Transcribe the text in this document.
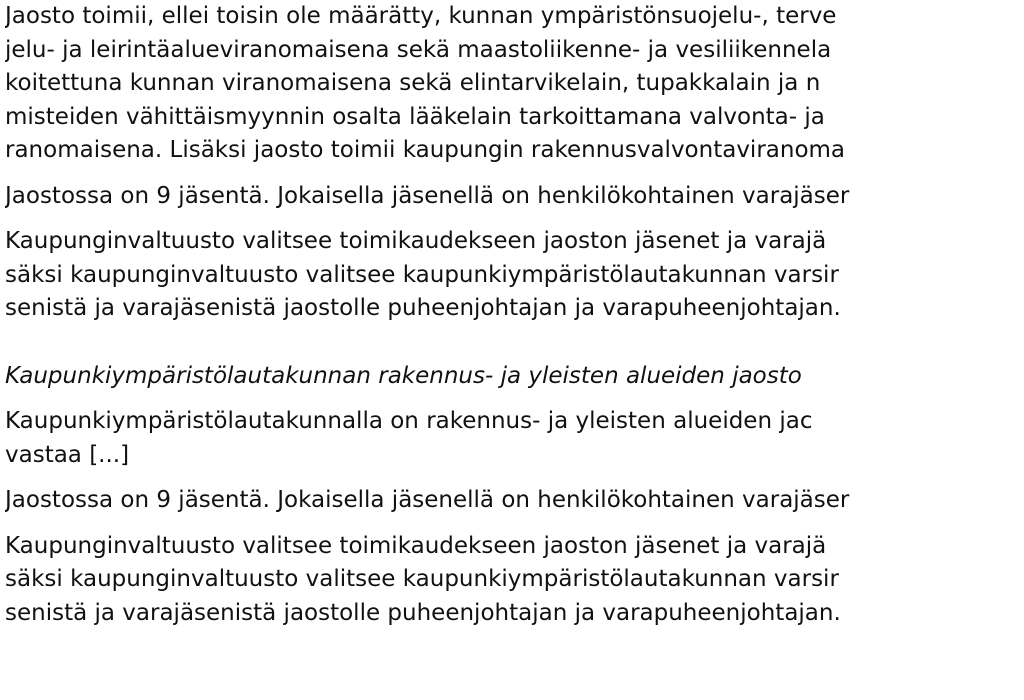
Jaosto toimii, ellei toisin ole määrätty, kunnan ympäristönsuojelu-, terve
jelu- ja leirintäalueviranomaisena sekä maastoliikenne- ja vesiliikennela
koitettuna kunnan viranomaisena sekä elintarvikelain, tupakkalain ja n
misteiden vähittäismyynnin osalta lääkelain tarkoittamana valvonta- ja
ranomaisena. Lisäksi jaosto toimii kaupungin rakennusvalvontaviranoma
Jaostossa on 9 jäsentä. Jokaisella jäsenellä on henkilökohtainen varajäser
Kaupunginvaltuusto valitsee toimikaudekseen jaoston jäsenet ja varajä
säksi kaupunginvaltuusto valitsee kaupunkiympäristölautakunnan varsir
senistä ja varajäsenistä jaostolle puheenjohtajan ja varapuheenjohtajan.
Kaupunkiympäristölautakunnan rakennus- ja yleisten alueiden jaosto
Kaupunkiympäristölautakunnalla on rakennus- ja yleisten alueiden jac
vastaa [...]
Jaostossa on 9 jäsentä. Jokaisella jäsenellä on henkilökohtainen varajäser
Kaupunginvaltuusto valitsee toimikaudekseen jaoston jäsenet ja varajä
säksi kaupunginvaltuusto valitsee kaupunkiympäristölautakunnan varsir
senistä ja varajäsenistä jaostolle puheenjohtajan ja varapuheenjohtajan.
